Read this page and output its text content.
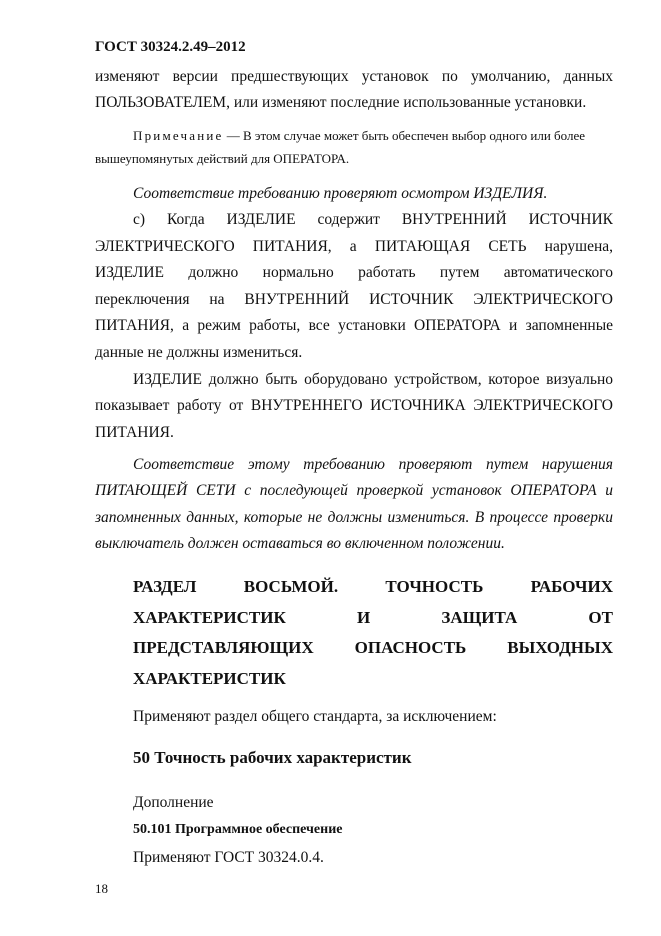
ГОСТ 30324.2.49–2012

изменяют версии предшествующих установок по умолчанию, данных

ПОЛЬЗОВАТЕЛЕМ, или изменяют последние использованные установки.

Примечание — В этом случае может быть обеспечен выбор одного или более

вышеупомянутых действий для ОПЕРАТОРА.

Соответствие требованию проверяют осмотром ИЗДЕЛИЯ.

с) Когда ИЗДЕЛИЕ содержит ВНУТРЕННИЙ ИСТОЧНИК

ЭЛЕКТРИЧЕСКОГО ПИТАНИЯ, а ПИТАЮЩАЯ СЕТЬ нарушена,

ИЗДЕЛИЕ должно нормально работать путем автоматического

переключения на ВНУТРЕННИЙ ИСТОЧНИК ЭЛЕКТРИЧЕСКОГО

ПИТАНИЯ, а режим работы, все установки ОПЕРАТОРА и запомненные

данные не должны измениться.

ИЗДЕЛИЕ должно быть оборудовано устройством, которое визуально

показывает работу от ВНУТРЕННЕГО ИСТОЧНИКА ЭЛЕКТРИЧЕСКОГО

ПИТАНИЯ.

Соответствие этому требованию проверяют путем нарушения

ПИТАЮЩЕЙ СЕТИ с последующей проверкой установок ОПЕРАТОРА и

запомненных данных, которые не должны измениться. В процессе проверки

выключатель должен оставаться во включенном положении.

РАЗДЕЛ ВОСЬМОЙ. ТОЧНОСТЬ РАБОЧИХ
ХАРАКТЕРИСТИК И ЗАЩИТА ОТ
ПРЕДСТАВЛЯЮЩИХ ОПАСНОСТЬ ВЫХОДНЫХ
ХАРАКТЕРИСТИК

Применяют раздел общего стандарта, за исключением:

50 Точность рабочих характеристик

Дополнение

50.101 Программное обеспечение

Применяют ГОСТ 30324.0.4.

18
